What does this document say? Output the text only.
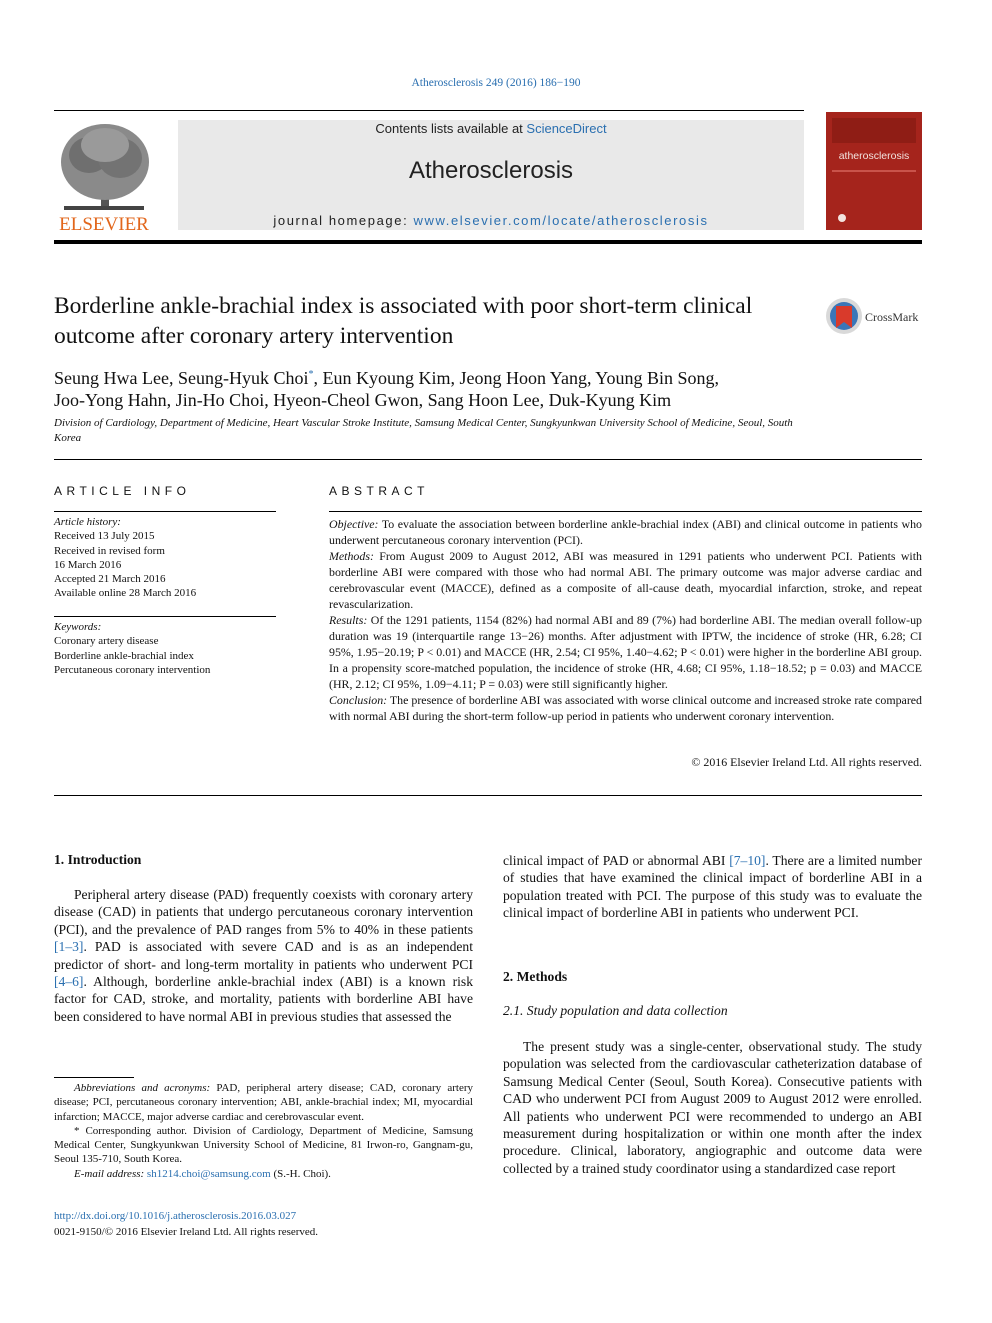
Atherosclerosis 249 (2016) 186−190
ELSEVIER
Contents lists available at ScienceDirect
Atherosclerosis
journal homepage: www.elsevier.com/locate/atherosclerosis
atherosclerosis
Borderline ankle-brachial index is associated with poor short-term clinical outcome after coronary artery intervention
CrossMark
Seung Hwa Lee, Seung-Hyuk Choi*, Eun Kyoung Kim, Jeong Hoon Yang, Young Bin Song,
Joo-Yong Hahn, Jin-Ho Choi, Hyeon-Cheol Gwon, Sang Hoon Lee, Duk-Kyung Kim
Division of Cardiology, Department of Medicine, Heart Vascular Stroke Institute, Samsung Medical Center, Sungkyunkwan University School of Medicine, Seoul, South Korea
ARTICLE INFO	ABSTRACT
Article history:
Received 13 July 2015
Received in revised form
16 March 2016
Accepted 21 March 2016
Available online 28 March 2016
Keywords:
Coronary artery disease
Borderline ankle-brachial index
Percutaneous coronary intervention

Objective: To evaluate the association between borderline ankle-brachial index (ABI) and clinical outcome in patients who underwent percutaneous coronary intervention (PCI).

Methods: From August 2009 to August 2012, ABI was measured in 1291 patients who underwent PCI. Patients with borderline ABI were compared with those who had normal ABI. The primary outcome was major adverse cardiac and cerebrovascular event (MACCE), defined as a composite of all-cause death, myocardial infarction, stroke, and repeat revascularization.

Results: Of the 1291 patients, 1154 (82%) had normal ABI and 89 (7%) had borderline ABI. The median overall follow-up duration was 19 (interquartile range 13−26) months. After adjustment with IPTW, the incidence of stroke (HR, 6.28; CI 95%, 1.95−20.19; P < 0.01) and MACCE (HR, 2.54; CI 95%, 1.40−4.62; P < 0.01) were higher in the borderline ABI group. In a propensity score-matched population, the incidence of stroke (HR, 4.68; CI 95%, 1.18−18.52; p = 0.03) and MACCE (HR, 2.12; CI 95%, 1.09−4.11; P = 0.03) were still significantly higher.

Conclusion: The presence of borderline ABI was associated with worse clinical outcome and increased stroke rate compared with normal ABI during the short-term follow-up period in patients who underwent coronary intervention.

© 2016 Elsevier Ireland Ltd. All rights reserved.
1. Introduction

Peripheral artery disease (PAD) frequently coexists with coronary artery disease (CAD) in patients that undergo percutaneous coronary intervention (PCI), and the prevalence of PAD ranges from 5% to 40% in these patients [1–3]. PAD is associated with severe CAD and is as an independent predictor of short- and long-term mortality in patients who underwent PCI [4–6]. Although, borderline ankle-brachial index (ABI) is a known risk factor for CAD, stroke, and mortality, patients with borderline ABI have been considered to have normal ABI in previous studies that assessed the

clinical impact of PAD or abnormal ABI [7–10]. There are a limited number of studies that have examined the clinical impact of borderline ABI in a population treated with PCI. The purpose of this study was to evaluate the clinical impact of borderline ABI in patients who underwent PCI.

2. Methods
2.1. Study population and data collection

The present study was a single-center, observational study. The study population was selected from the cardiovascular catheterization database of Samsung Medical Center (Seoul, South Korea). Consecutive patients with CAD who underwent PCI from August 2009 to August 2012 were enrolled. All patients who underwent PCI were recommended to undergo an ABI measurement during hospitalization or within one month after the index procedure. Clinical, laboratory, angiographic and outcome data were collected by a trained study coordinator using a standardized case report

Abbreviations and acronyms: PAD, peripheral artery disease; CAD, coronary artery disease; PCI, percutaneous coronary intervention; ABI, ankle-brachial index; MI, myocardial infarction; MACCE, major adverse cardiac and cerebrovascular event.

* Corresponding author. Division of Cardiology, Department of Medicine, Samsung Medical Center, Sungkyunkwan University School of Medicine, 81 Irwon-ro, Gangnam-gu, Seoul 135-710, South Korea.

E-mail address: sh1214.choi@samsung.com (S.-H. Choi).

http://dx.doi.org/10.1016/j.atherosclerosis.2016.03.027
0021-9150/© 2016 Elsevier Ireland Ltd. All rights reserved.
